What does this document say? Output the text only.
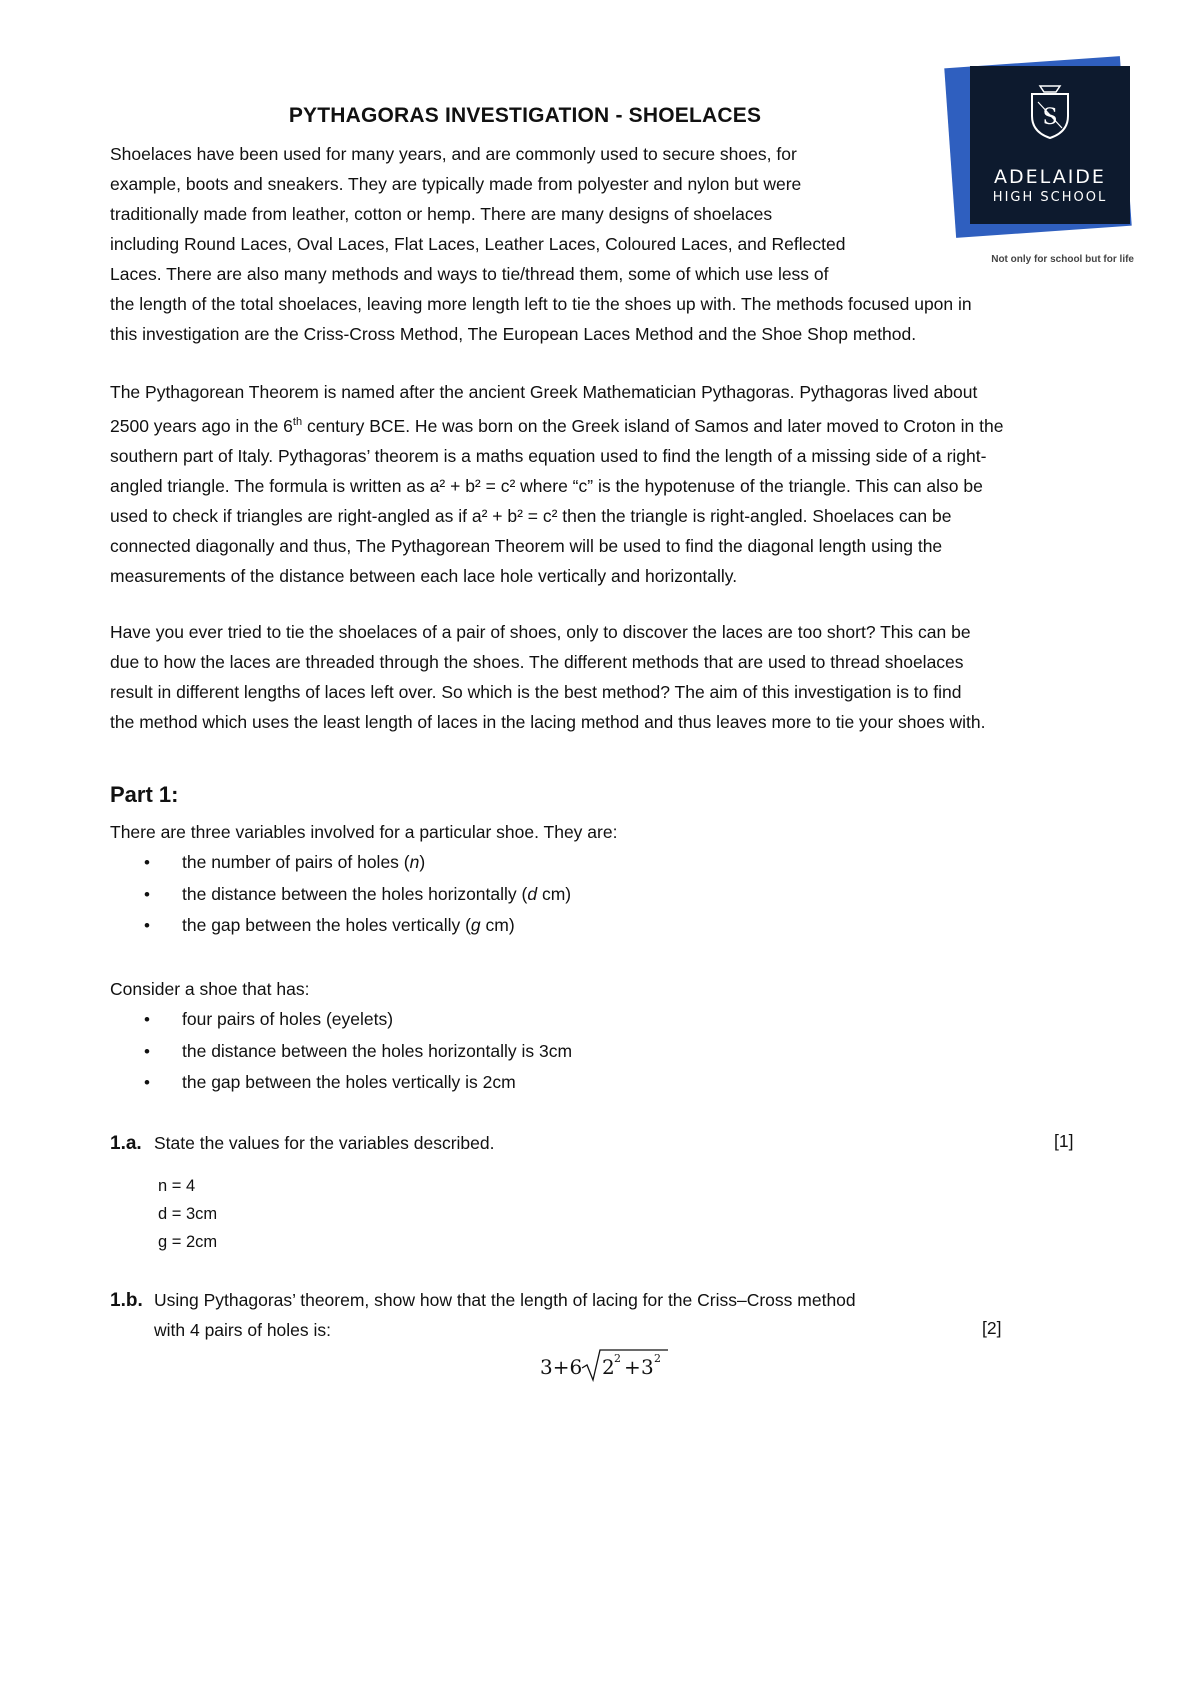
PYTHAGORAS INVESTIGATION - SHOELACES	S
ADELAIDE
HIGH SCHOOL
Not only for school but for life

Shoelaces have been used for many years, and are commonly used to secure shoes, for
example, boots and sneakers. They are typically made from polyester and nylon but were
traditionally made from leather, cotton or hemp. There are many designs of shoelaces
including Round Laces, Oval Laces, Flat Laces, Leather Laces, Coloured Laces, and Reflected
Laces. There are also many methods and ways to tie/thread them, some of which use less of
the length of the total shoelaces, leaving more length left to tie the shoes up with. The methods focused upon in
this investigation are the Criss-Cross Method, The European Laces Method and the Shoe Shop method.

The Pythagorean Theorem is named after the ancient Greek Mathematician Pythagoras. Pythagoras lived about
2500 years ago in the 6th century BCE. He was born on the Greek island of Samos and later moved to Croton in the
southern part of Italy. Pythagoras’ theorem is a maths equation used to find the length of a missing side of a right-
angled triangle. The formula is written as a² + b² = c² where “c” is the hypotenuse of the triangle. This can also be
used to check if triangles are right-angled as if a² + b² = c² then the triangle is right-angled. Shoelaces can be
connected diagonally and thus, The Pythagorean Theorem will be used to find the diagonal length using the
measurements of the distance between each lace hole vertically and horizontally.

Have you ever tried to tie the shoelaces of a pair of shoes, only to discover the laces are too short? This can be
due to how the laces are threaded through the shoes. The different methods that are used to thread shoelaces
result in different lengths of laces left over. So which is the best method? The aim of this investigation is to find
the method which uses the least length of laces in the lacing method and thus leaves more to tie your shoes with.

Part 1:
There are three variables involved for a particular shoe. They are:
• the number of pairs of holes (n)
• the distance between the holes horizontally (d cm)
• the gap between the holes vertically (g cm)
Consider a shoe that has:
• four pairs of holes (eyelets)
• the distance between the holes horizontally is 3cm
• the gap between the holes vertically is 2cm
1.a. State the values for the variables described.	[1]

n = 4
d = 3cm
g = 2cm

1.b. Using Pythagoras’ theorem, show how that the length of lacing for the Criss–Cross method
with 4 pairs of holes is:	[2]
3+6 2 2 + 3 2
